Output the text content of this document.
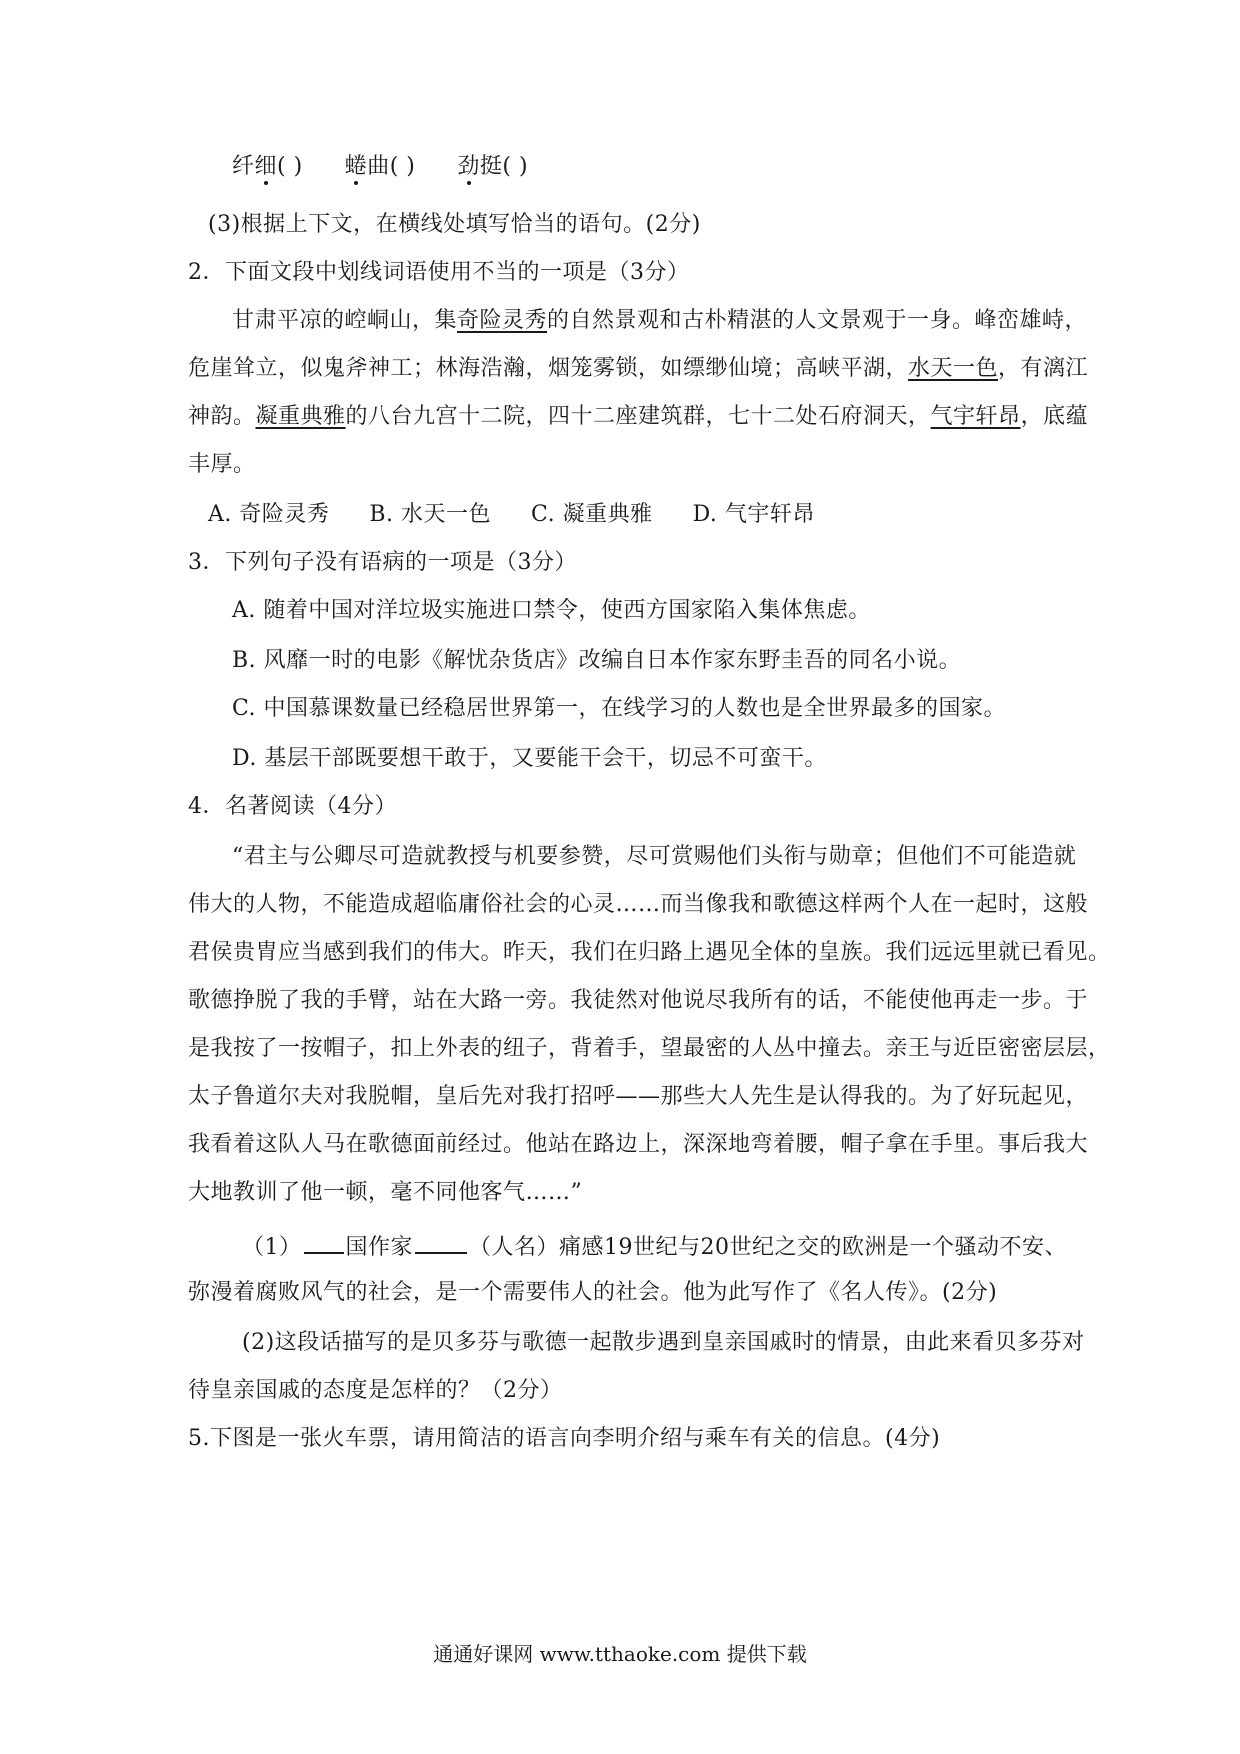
纤细( ) 蜷曲( ) 劲挺( )
(3)根据上下文，在横线处填写恰当的语句。(2分)
2．下面文段中划线词语使用不当的一项是（3分）
甘肃平凉的崆峒山，集奇险灵秀的自然景观和古朴精湛的人文景观于一身。峰峦雄峙，
危崖耸立，似鬼斧神工；林海浩瀚，烟笼雾锁，如缥缈仙境；高峡平湖，水天一色，有漓江
神韵。凝重典雅的八台九宫十二院，四十二座建筑群，七十二处石府洞天，气宇轩昂，底蕴
丰厚。
A. 奇险灵秀 B. 水天一色 C. 凝重典雅 D. 气宇轩昂
3．下列句子没有语病的一项是（3分）
A. 随着中国对洋垃圾实施进口禁令，使西方国家陷入集体焦虑。
B. 风靡一时的电影《解忧杂货店》改编自日本作家东野圭吾的同名小说。
C. 中国慕课数量已经稳居世界第一，在线学习的人数也是全世界最多的国家。
D. 基层干部既要想干敢于，又要能干会干，切忌不可蛮干。
4．名著阅读（4分）
“君主与公卿尽可造就教授与机要参赞，尽可赏赐他们头衔与勋章；但他们不可能造就
伟大的人物，不能造成超临庸俗社会的心灵……而当像我和歌德这样两个人在一起时，这般
君侯贵胄应当感到我们的伟大。昨天，我们在归路上遇见全体的皇族。我们远远里就已看见。
歌德挣脱了我的手臂，站在大路一旁。我徒然对他说尽我所有的话，不能使他再走一步。于
是我按了一按帽子，扣上外表的纽子，背着手，望最密的人丛中撞去。亲王与近臣密密层层，
太子鲁道尔夫对我脱帽，皇后先对我打招呼——那些大人先生是认得我的。为了好玩起见，
我看着这队人马在歌德面前经过。他站在路边上，深深地弯着腰，帽子拿在手里。事后我大
大地教训了他一顿，毫不同他客气……”
（1） 国作家	（人名）痛感19世纪与20世纪之交的欧洲是一个骚动不安、
弥漫着腐败风气的社会，是一个需要伟人的社会。他为此写作了《名人传》。(2分)
(2)这段话描写的是贝多芬与歌德一起散步遇到皇亲国戚时的情景，由此来看贝多芬对
待皇亲国戚的态度是怎样的？（2分）
5.下图是一张火车票，请用简洁的语言向李明介绍与乘车有关的信息。(4分)
通通好课网 www.tthaoke.com 提供下载
